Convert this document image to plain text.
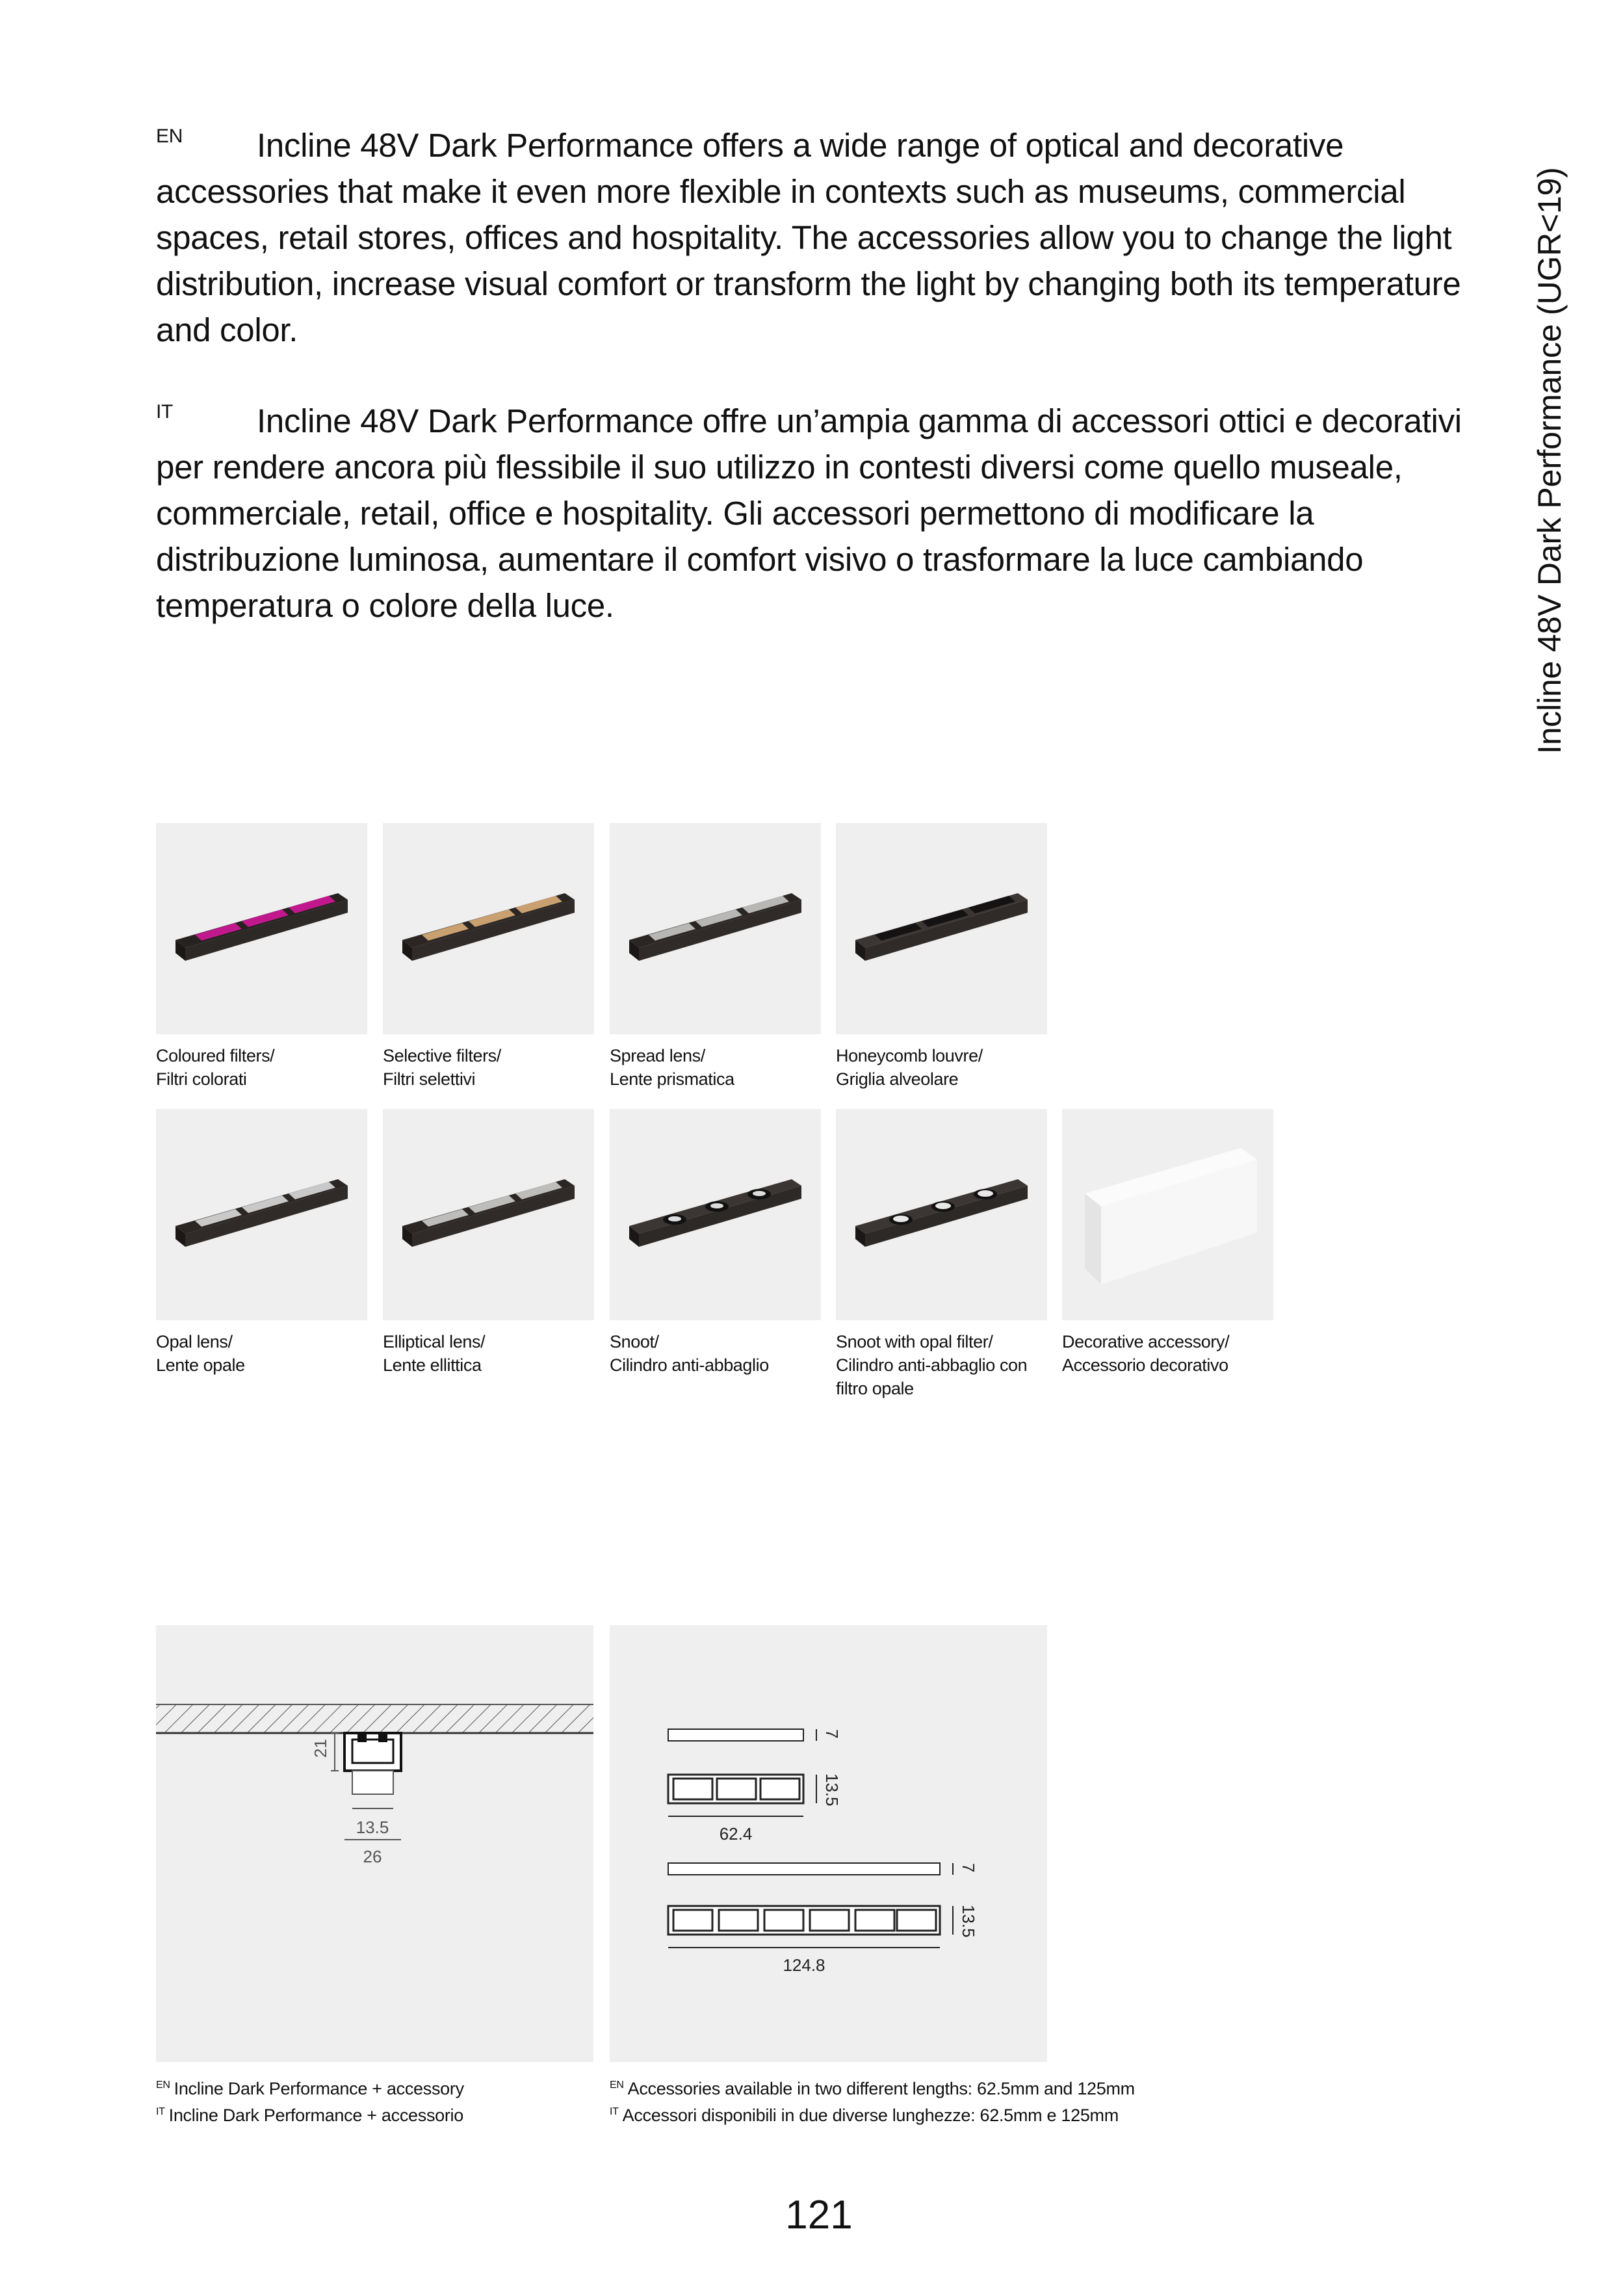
EN	Incline 48V Dark Performance offers a wide range of optical and decorative accessories that make it even more flexible in contexts such as museums, commercial spaces, retail stores, offices and hospitality. The accessories allow you to change the light distribution, increase visual comfort or transform the light by changing both its temperature and color.

IT	Incline 48V Dark Performance offre un’ampia gamma di accessori ottici e decorativi per rendere ancora più flessibile il suo utilizzo in contesti diversi come quello museale, commerciale, retail, office e hospitality. Gli accessori permettono di modificare la distribuzione luminosa, aumentare il comfort visivo o trasformare la luce cambiando temperatura o colore della luce.	Incline 48V Dark Performance (UGR<19)
Coloured filters/
Filtri colorati
Selective filters/
Filtri selettivi
Spread lens/
Lente prismatica
Honeycomb louvre/
Griglia alveolare
Opal lens/
Lente opale
Elliptical lens/
Lente ellittica
Snoot/
Cilindro anti-abbaglio
Snoot with opal filter/
Cilindro anti-abbaglio con filtro opale
Decorative accessory/
Accessorio decorativo
21
13.5
26
7
13.5
62.4
7
13.5
124.8
$^{EN}$ Incline Dark Performance + accessory
$^{IT}$ Incline Dark Performance + accessorio
$^{EN}$ Accessories available in two different lengths: 62.5mm and 125mm
$^{IT}$ Accessori disponibili in due diverse lunghezze: 62.5mm e 125mm
121
